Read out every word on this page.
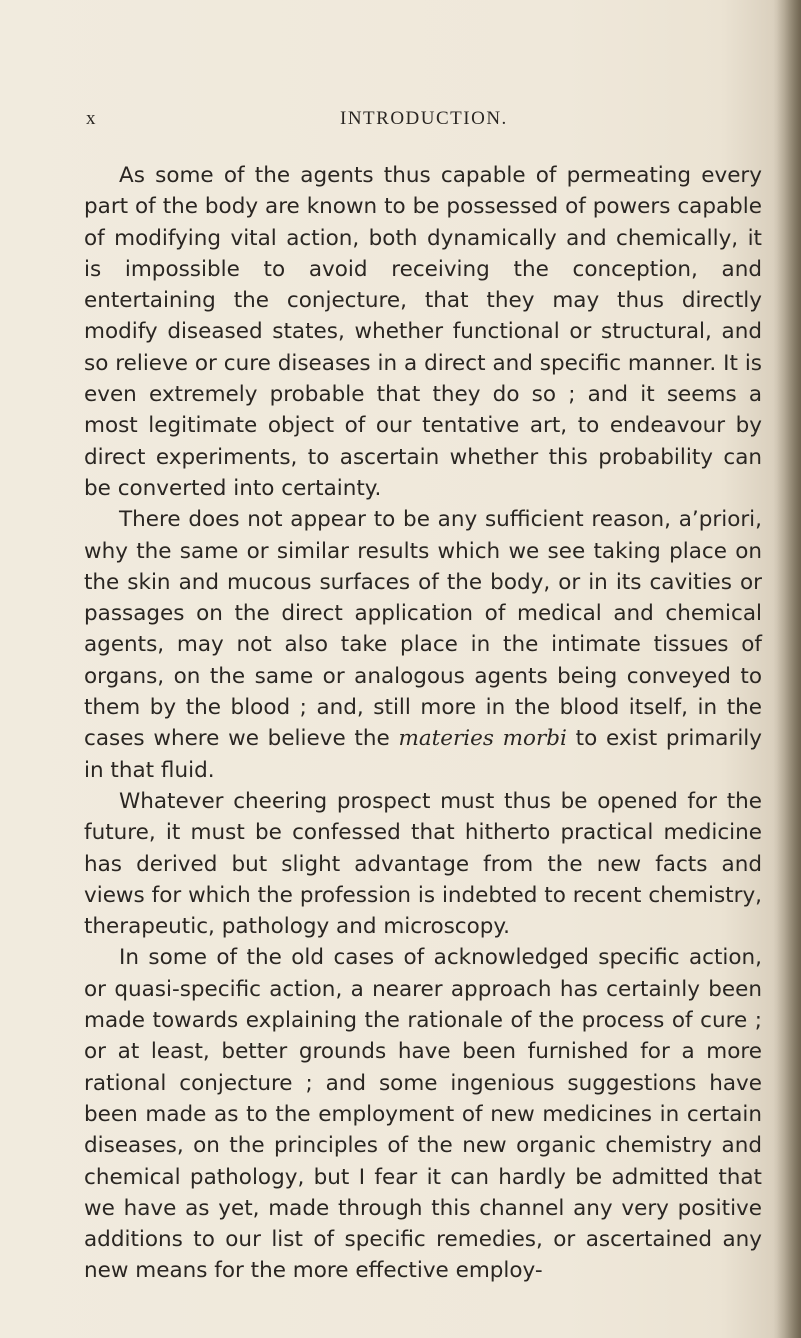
x	INTRODUCTION.

As some of the agents thus capable of permeating every part of the body are known to be possessed of powers capable of modifying vital action, both dynamically and chemically, it is impossible to avoid receiving the conception, and entertaining the conjecture, that they may thus directly modify diseased states, whether functional or structural, and so relieve or cure diseases in a direct and specific manner. It is even extremely probable that they do so ; and it seems a most legitimate object of our tentative art, to endeavour by direct experiments, to ascertain whether this probability can be converted into certainty.

There does not appear to be any sufficient reason, a’priori, why the same or similar results which we see taking place on the skin and mucous surfaces of the body, or in its cavities or passages on the direct application of medical and chemical agents, may not also take place in the intimate tissues of organs, on the same or analogous agents being conveyed to them by the blood ; and, still more in the blood itself, in the cases where we believe the materies morbi to exist primarily in that fluid.

Whatever cheering prospect must thus be opened for the future, it must be confessed that hitherto practical medicine has derived but slight advantage from the new facts and views for which the profession is indebted to recent chemistry, therapeutic, pathology and microscopy.

In some of the old cases of acknowledged specific action, or quasi-specific action, a nearer approach has certainly been made towards explaining the rationale of the process of cure ; or at least, better grounds have been furnished for a more rational conjecture ; and some ingenious suggestions have been made as to the employment of new medicines in certain diseases, on the principles of the new organic chemistry and chemical pathology, but I fear it can hardly be admitted that we have as yet, made through this channel any very positive additions to our list of specific remedies, or ascertained any new means for the more effective employ-
